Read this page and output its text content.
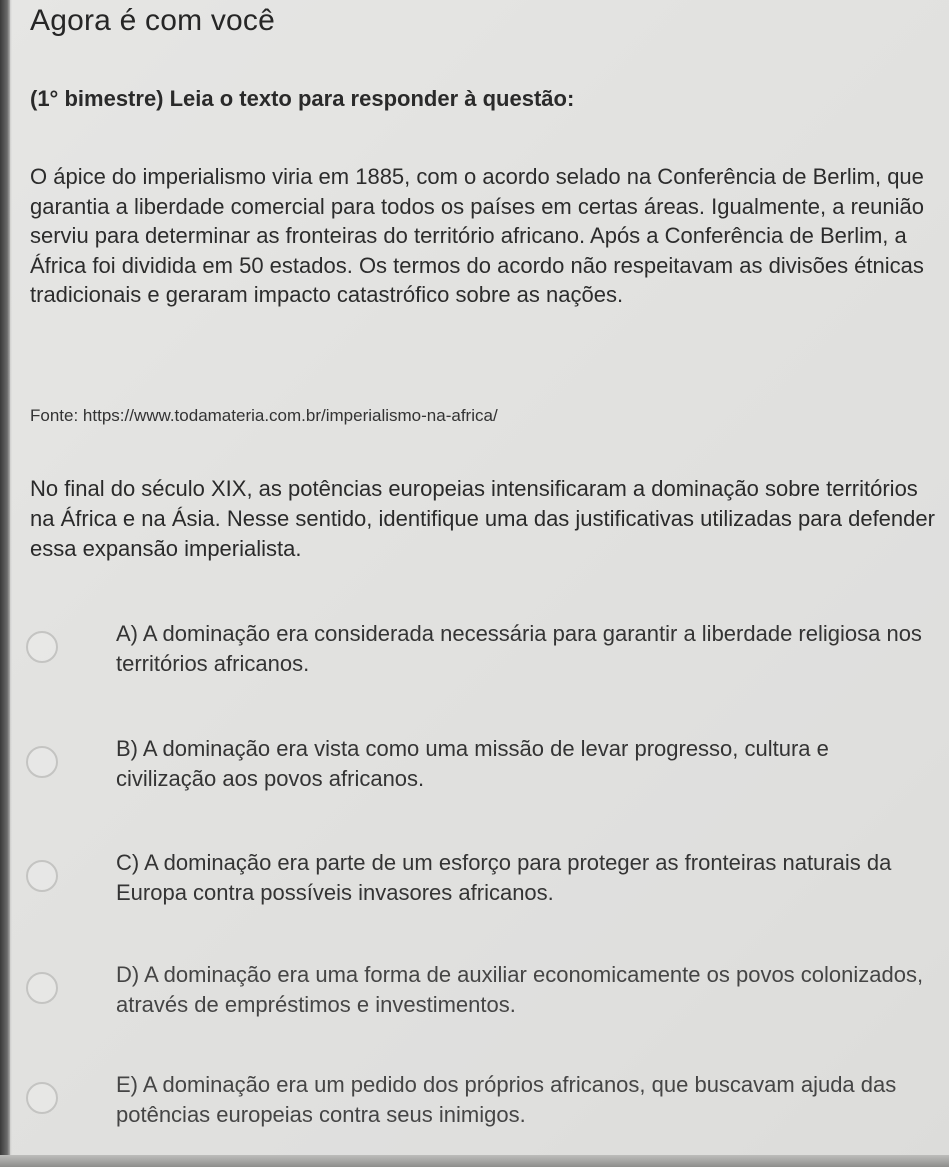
Agora é com você

(1° bimestre) Leia o texto para responder à questão:

O ápice do imperialismo viria em 1885, com o acordo selado na Conferência de Berlim, que garantia a liberdade comercial para todos os países em certas áreas. Igualmente, a reunião serviu para determinar as fronteiras do território africano. Após a Conferência de Berlim, a África foi dividida em 50 estados. Os termos do acordo não respeitavam as divisões étnicas tradicionais e geraram impacto catastrófico sobre as nações.

Fonte: https://www.todamateria.com.br/imperialismo-na-africa/

No final do século XIX, as potências europeias intensificaram a dominação sobre territórios na África e na Ásia. Nesse sentido, identifique uma das justificativas utilizadas para defender essa expansão imperialista.

A) A dominação era considerada necessária para garantir a liberdade religiosa nos territórios africanos.

B) A dominação era vista como uma missão de levar progresso, cultura e civilização aos povos africanos.

C) A dominação era parte de um esforço para proteger as fronteiras naturais da Europa contra possíveis invasores africanos.

D) A dominação era uma forma de auxiliar economicamente os povos colonizados, através de empréstimos e investimentos.

E) A dominação era um pedido dos próprios africanos, que buscavam ajuda das potências europeias contra seus inimigos.
